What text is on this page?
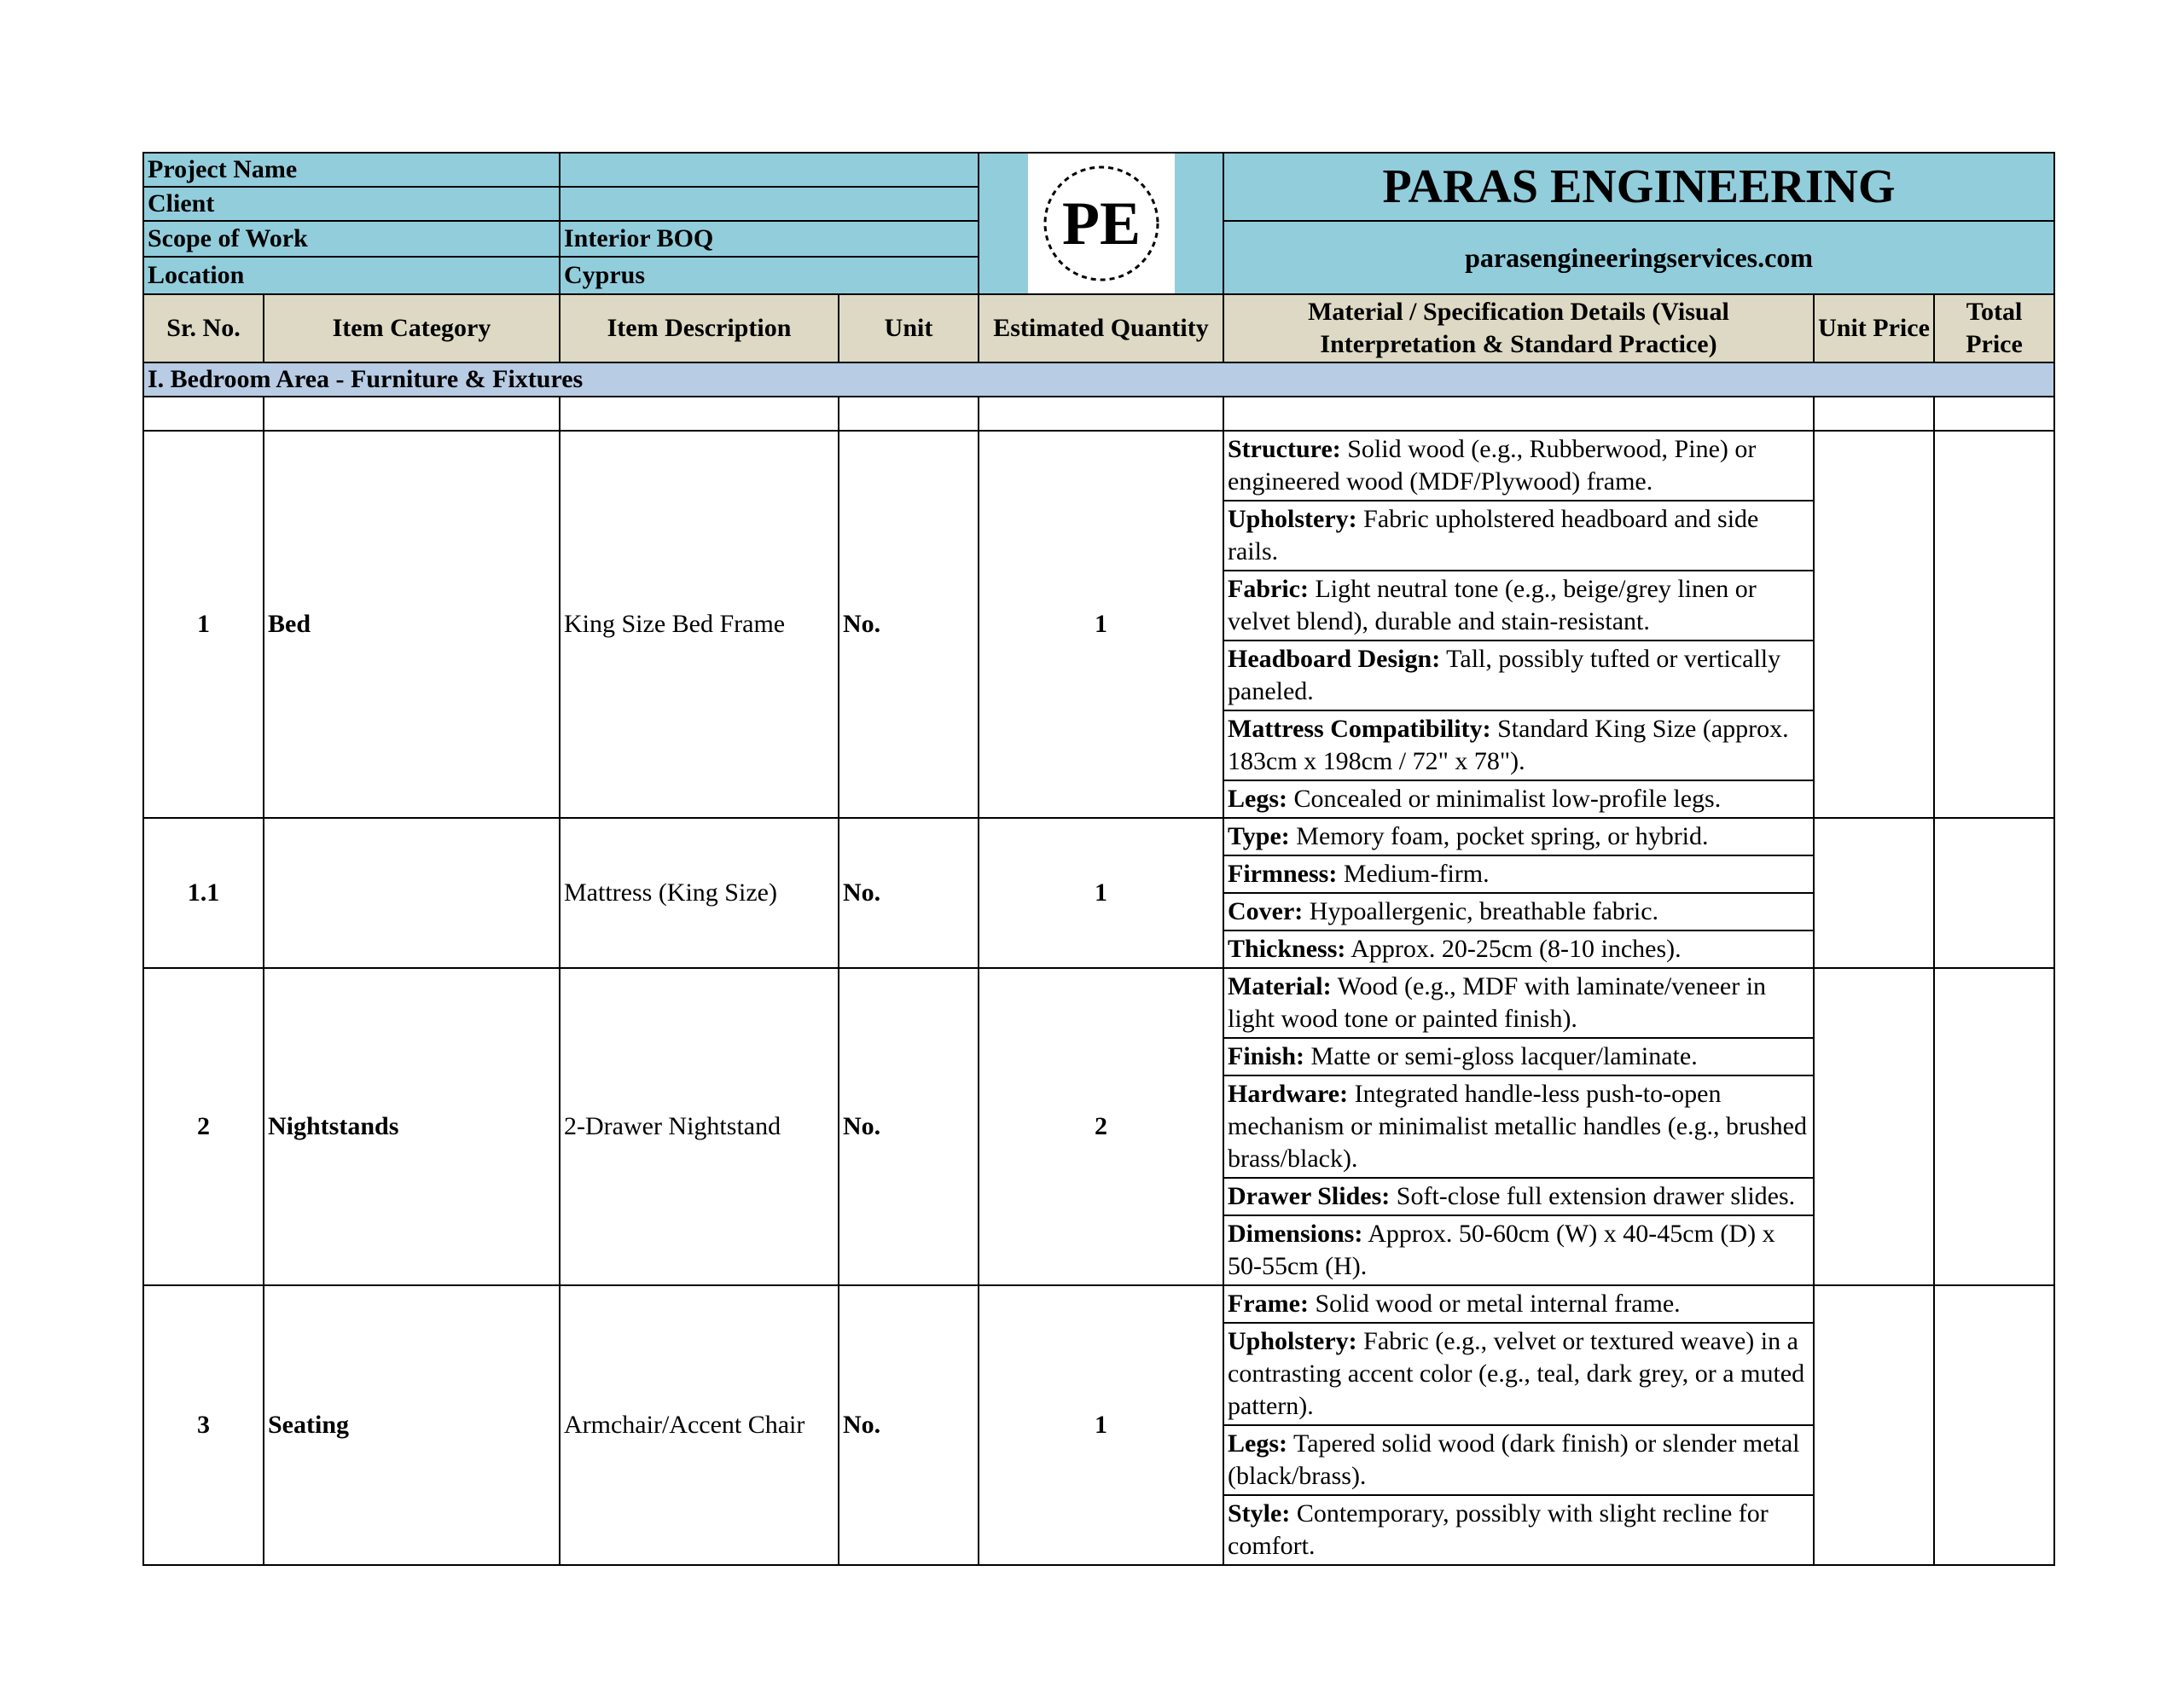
Project Name				PE	PARAS ENGINEERING		
Client							
Scope of Work		Interior BOQ			parasengineeringservices.com		
Location		Cyprus					
Sr. No.	Item Category	Item Description	Unit	Estimated Quantity	Material / Specification Details (Visual Interpretation & Standard Practice)	Unit Price	Total Price
I. Bedroom Area - Furniture & Fixtures							

1	Bed	King Size Bed Frame	No.	1	Structure: Solid wood (e.g., Rubberwood, Pine) or engineered wood (MDF/Plywood) frame.		
					Upholstery: Fabric upholstered headboard and side rails.		
					Fabric: Light neutral tone (e.g., beige/grey linen or velvet blend), durable and stain-resistant.		
					Headboard Design: Tall, possibly tufted or vertically paneled.		
					Mattress Compatibility: Standard King Size (approx. 183cm x 198cm / 72" x 78").		
					Legs: Concealed or minimalist low-profile legs.		
1.1		Mattress (King Size)	No.	1	Type: Memory foam, pocket spring, or hybrid.		
					Firmness: Medium-firm.		
					Cover: Hypoallergenic, breathable fabric.		
					Thickness: Approx. 20-25cm (8-10 inches).		
2	Nightstands	2-Drawer Nightstand	No.	2	Material: Wood (e.g., MDF with laminate/veneer in light wood tone or painted finish).		
					Finish: Matte or semi-gloss lacquer/laminate.		
					Hardware: Integrated handle-less push-to-open mechanism or minimalist metallic handles (e.g., brushed brass/black).		
					Drawer Slides: Soft-close full extension drawer slides.		
					Dimensions: Approx. 50-60cm (W) x 40-45cm (D) x 50-55cm (H).		
3	Seating	Armchair/Accent Chair	No.	1	Frame: Solid wood or metal internal frame.		
					Upholstery: Fabric (e.g., velvet or textured weave) in a contrasting accent color (e.g., teal, dark grey, or a muted pattern).		
					Legs: Tapered solid wood (dark finish) or slender metal (black/brass).		
					Style: Contemporary, possibly with slight recline for comfort.		
